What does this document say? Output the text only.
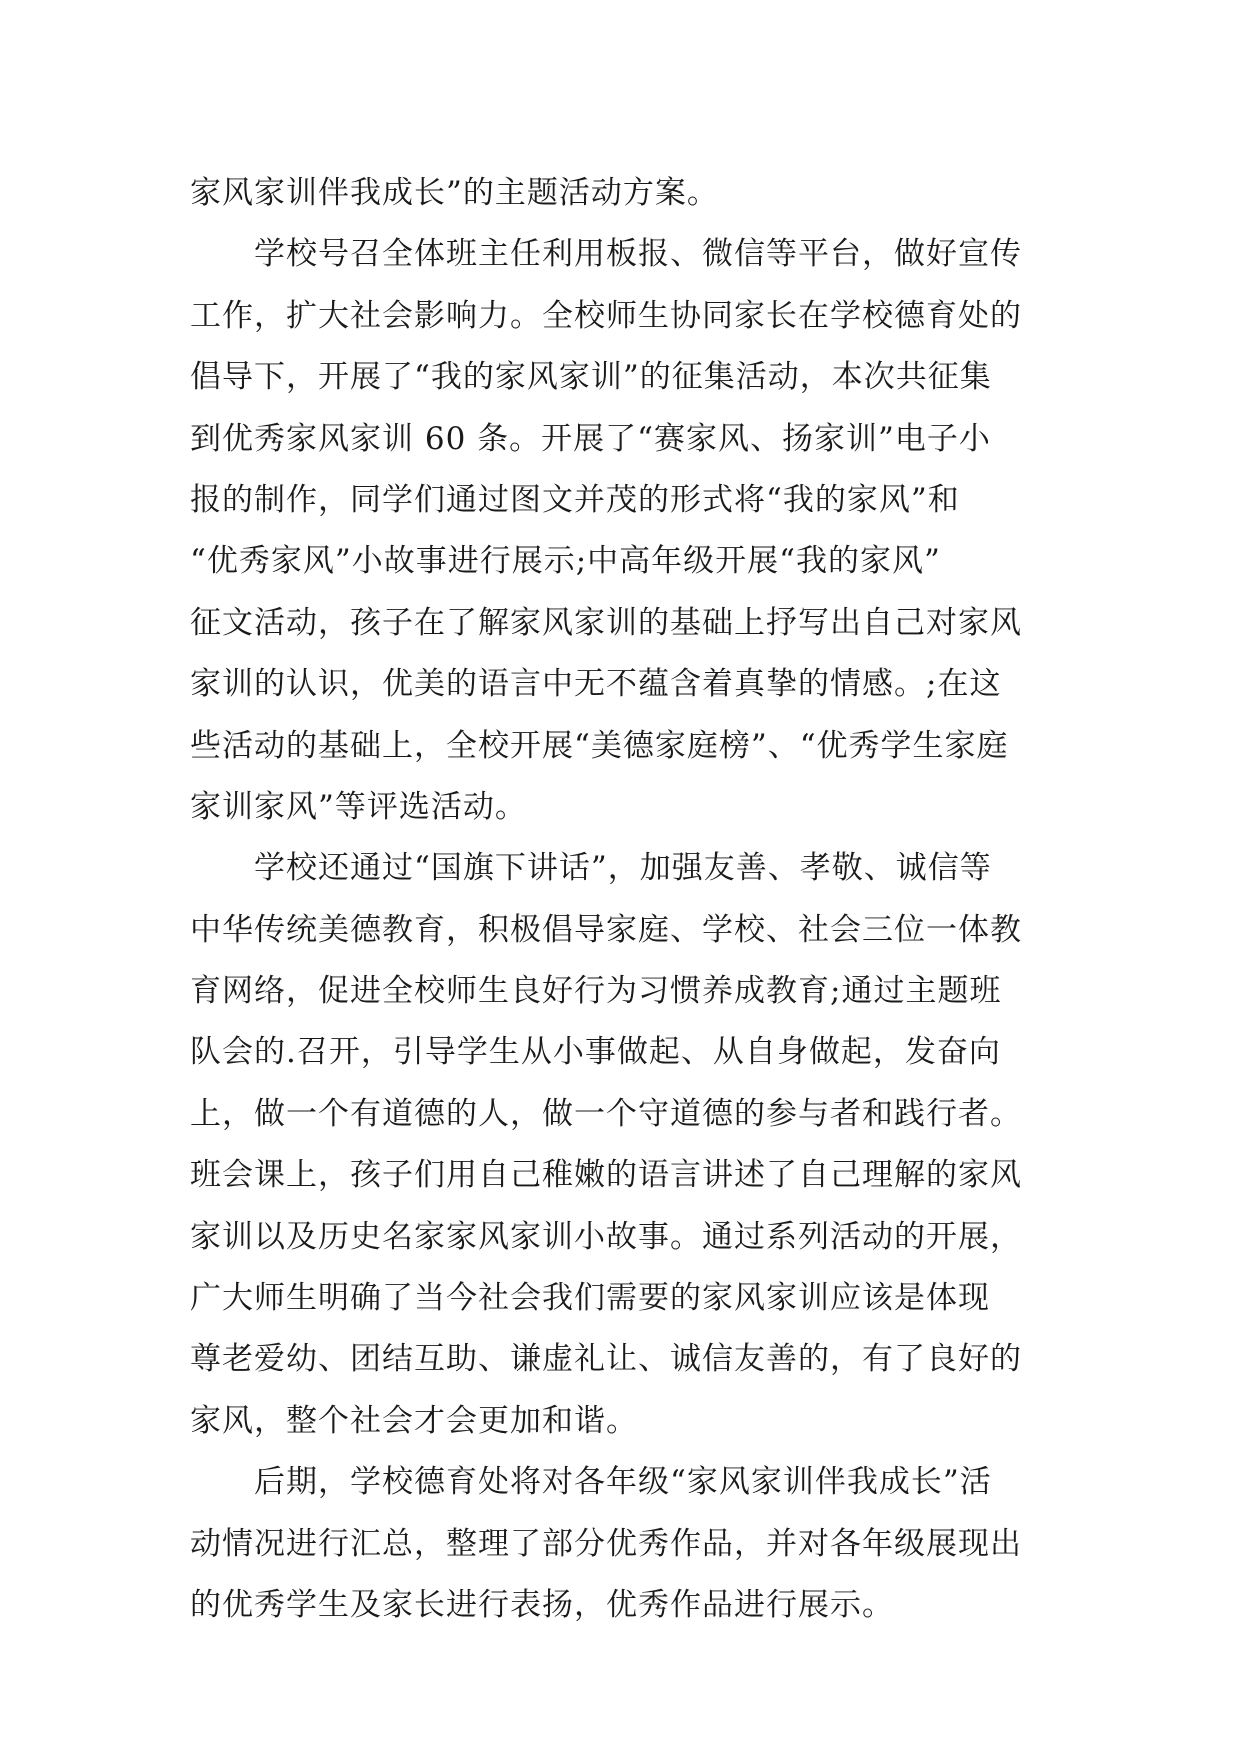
家风家训伴我成长”的主题活动方案。
学校号召全体班主任利用板报、微信等平台，做好宣传
工作，扩大社会影响力。全校师生协同家长在学校德育处的
倡导下，开展了“我的家风家训”的征集活动，本次共征集
到优秀家风家训 60 条。开展了“赛家风、扬家训”电子小
报的制作，同学们通过图文并茂的形式将“我的家风”和
“优秀家风”小故事进行展示;中高年级开展“我的家风”
征文活动，孩子在了解家风家训的基础上抒写出自己对家风
家训的认识，优美的语言中无不蕴含着真挚的情感。;在这
些活动的基础上，全校开展“美德家庭榜”、“优秀学生家庭
家训家风”等评选活动。
学校还通过“国旗下讲话”，加强友善、孝敬、诚信等
中华传统美德教育，积极倡导家庭、学校、社会三位一体教
育网络，促进全校师生良好行为习惯养成教育;通过主题班
队会的.召开，引导学生从小事做起、从自身做起，发奋向
上，做一个有道德的人，做一个守道德的参与者和践行者。
班会课上，孩子们用自己稚嫩的语言讲述了自己理解的家风
家训以及历史名家家风家训小故事。通过系列活动的开展，
广大师生明确了当今社会我们需要的家风家训应该是体现
尊老爱幼、团结互助、谦虚礼让、诚信友善的，有了良好的
家风，整个社会才会更加和谐。
后期，学校德育处将对各年级“家风家训伴我成长”活
动情况进行汇总，整理了部分优秀作品，并对各年级展现出
的优秀学生及家长进行表扬，优秀作品进行展示。
